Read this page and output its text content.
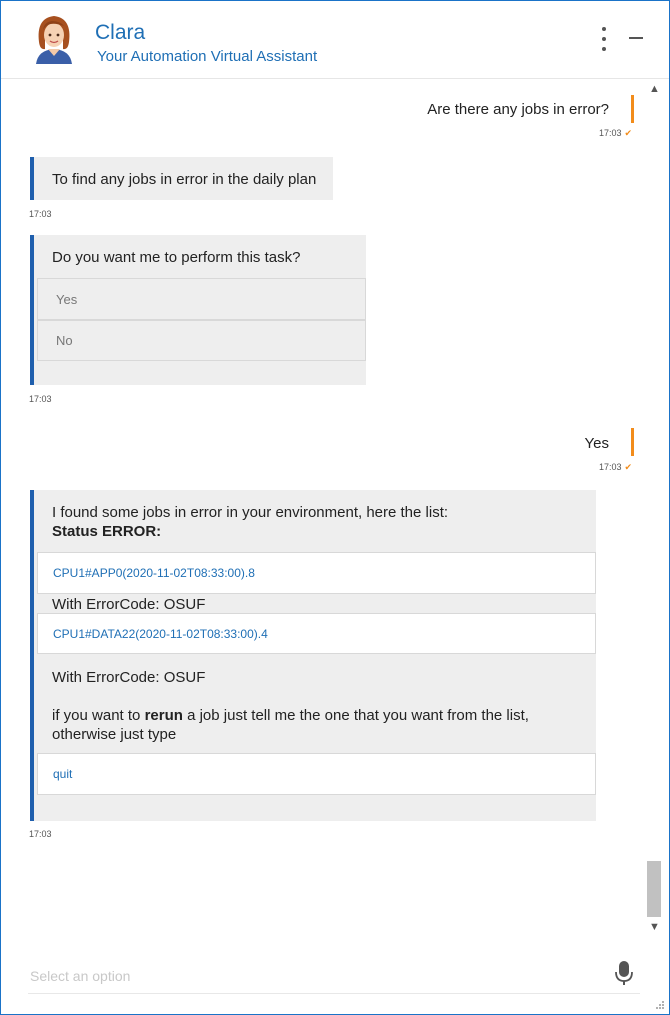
Clara
Your Automation Virtual Assistant
Are there any jobs in error?
17:03 ✔
To find any jobs in error in the daily plan
17:03
Do you want me to perform this task?
Yes
No
17:03
Yes
17:03 ✔
I found some jobs in error in your environment, here the list:
Status ERROR:
CPU1#APP0(2020-11-02T08:33:00).8
With ErrorCode: OSUF
CPU1#DATA22(2020-11-02T08:33:00).4
With ErrorCode: OSUF
if you want to rerun a job just tell me the one that you want from the list, otherwise just type
quit
17:03
▲
▼
Select an option
